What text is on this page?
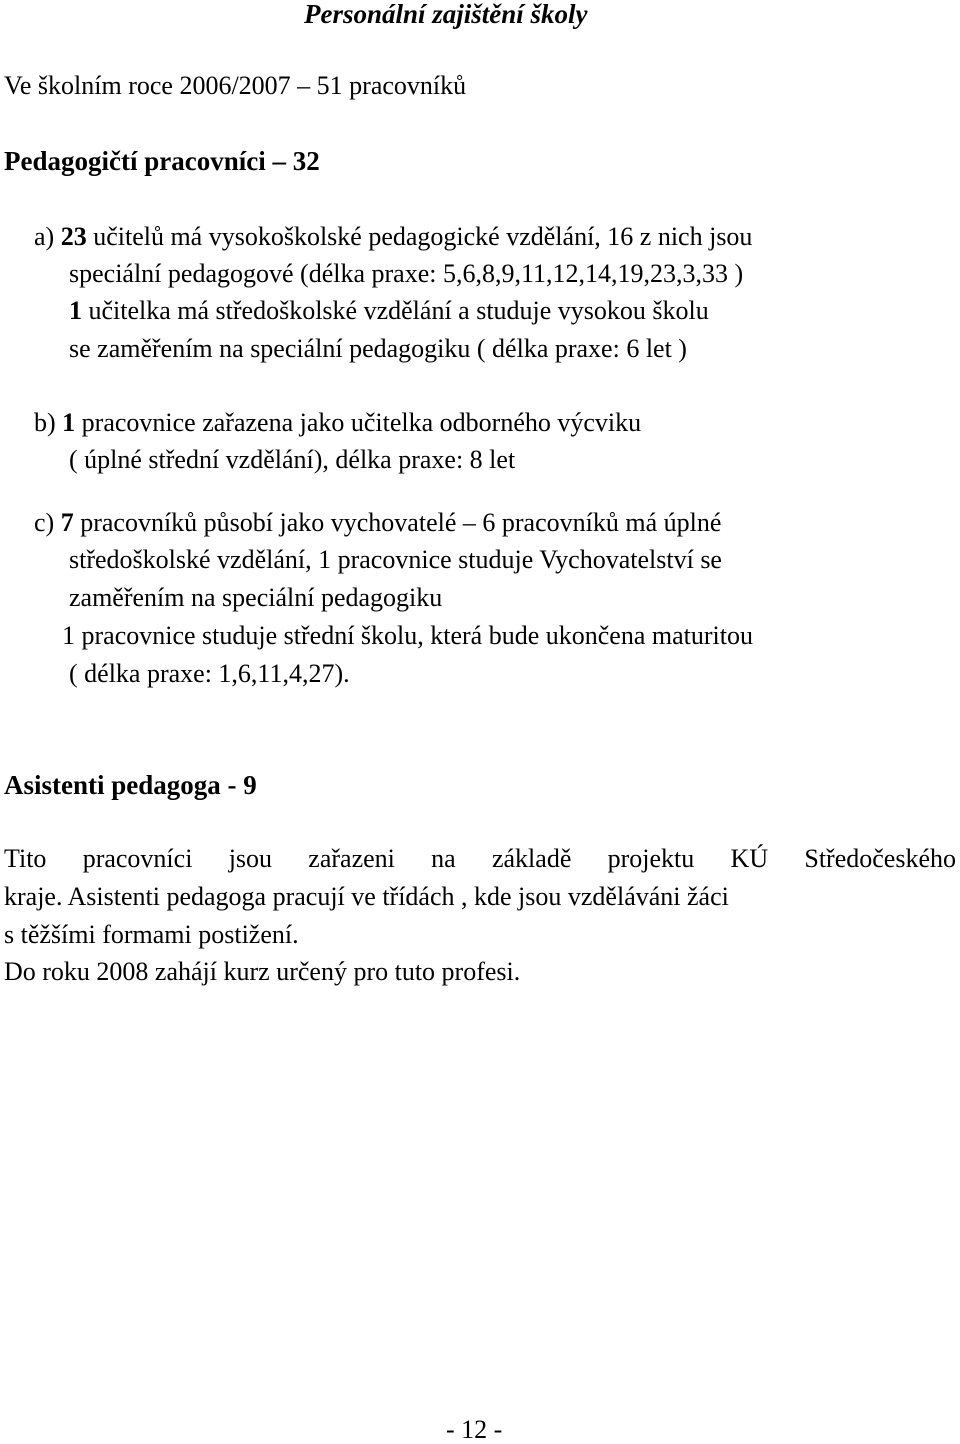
Personální zajištění školy
Ve školním roce 2006/2007 – 51 pracovníků
Pedagogičtí pracovníci – 32
a) 23 učitelů má vysokoškolské pedagogické vzdělání, 16 z nich jsou
speciální pedagogové (délka praxe: 5,6,8,9,11,12,14,19,23,3,33 )
1 učitelka má středoškolské vzdělání a studuje vysokou školu
se zaměřením na speciální pedagogiku ( délka praxe: 6 let )
b) 1 pracovnice zařazena jako učitelka odborného výcviku
( úplné střední vzdělání), délka praxe: 8 let
c) 7 pracovníků působí jako vychovatelé – 6 pracovníků má úplné
středoškolské vzdělání, 1 pracovnice studuje Vychovatelství se
zaměřením na speciální pedagogiku
1 pracovnice studuje střední školu, která bude ukončena maturitou
( délka praxe: 1,6,11,4,27).
Asistenti pedagoga - 9
Tito pracovníci jsou zařazeni na základě projektu KÚ Středočeského
kraje. Asistenti pedagoga pracují ve třídách , kde jsou vzděláváni žáci
s těžšími formami postižení.
Do roku 2008 zahájí kurz určený pro tuto profesi.
- 12 -
